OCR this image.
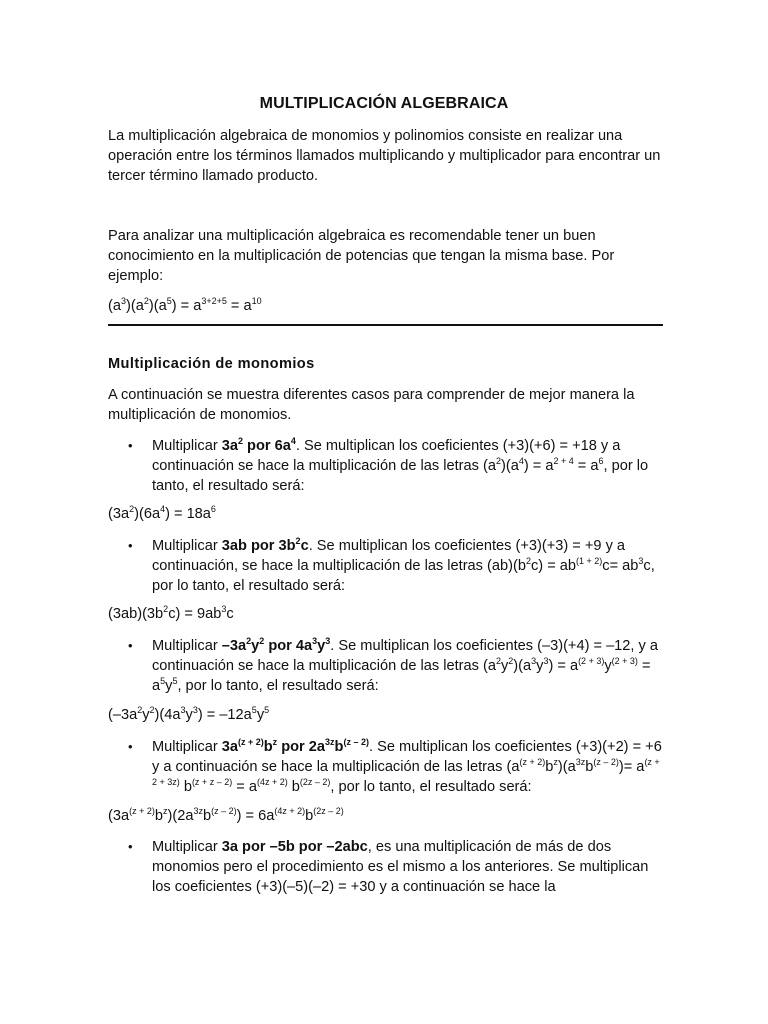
MULTIPLICACIÓN ALGEBRAICA

La multiplicación algebraica de monomios y polinomios consiste en realizar una operación entre los términos llamados multiplicando y multiplicador para encontrar un tercer término llamado producto.

Para analizar una multiplicación algebraica es recomendable tener un buen conocimiento en la multiplicación de potencias que tengan la misma base. Por ejemplo:

$(a^3)(a^2)(a^5) = a^{3+2+5} = a^{10}$

Multiplicación de monomios

A continuación se muestra diferentes casos para comprender de mejor manera la multiplicación de monomios.

•	Multiplicar $3a^2$ por $6a^4$. Se multiplican los coeficientes (+3)(+6) = +18 y a continuación se hace la multiplicación de las letras $(a^2)(a^4) = a^{2 + 4} = a^6$, por lo tanto, el resultado será:

$(3a^2)(6a^4) = 18a^6$

•	Multiplicar 3ab por $3b^2c$. Se multiplican los coeficientes (+3)(+3) = +9 y a continuación, se hace la multiplicación de las letras $(ab)(b^2c) = ab^{(1 + 2)}c= ab^3c$, por lo tanto, el resultado será:

$(3ab)(3b^2c) = 9ab^3c$

•	Multiplicar $-3a^2y^2$ por $4a^3y^3$. Se multiplican los coeficientes (–3)(+4) = –12, y a continuación se hace la multiplicación de las letras $(a^2y^2)(a^3y^3) = a^{(2 + 3)}y^{(2 + 3)} = a^5y^5$, por lo tanto, el resultado será:

$(-3a^2y^2)(4a^3y^3) = -12a^5y^5$

•	Multiplicar $3a^{(z + 2)}b^z$ por $2a^{3z}b^{(z - 2)}$. Se multiplican los coeficientes (+3)(+2) = +6 y a continuación se hace la multiplicación de las letras $(a^{(z + 2)}b^z)(a^{3z}b^{(z - 2)})= a^{(z + 2 + 3z)}$ $b^{(z + z - 2)} = a^{(4z + 2)}$ $b^{(2z - 2)}$, por lo tanto, el resultado será:

$(3a^{(z + 2)}b^z)(2a^{3z}b^{(z - 2)}) = 6a^{(4z + 2)}b^{(2z - 2)}$

•	Multiplicar 3a por –5b por –2abc, es una multiplicación de más de dos monomios pero el procedimiento es el mismo a los anteriores. Se multiplican los coeficientes (+3)(–5)(–2) = +30 y a continuación se hace la
